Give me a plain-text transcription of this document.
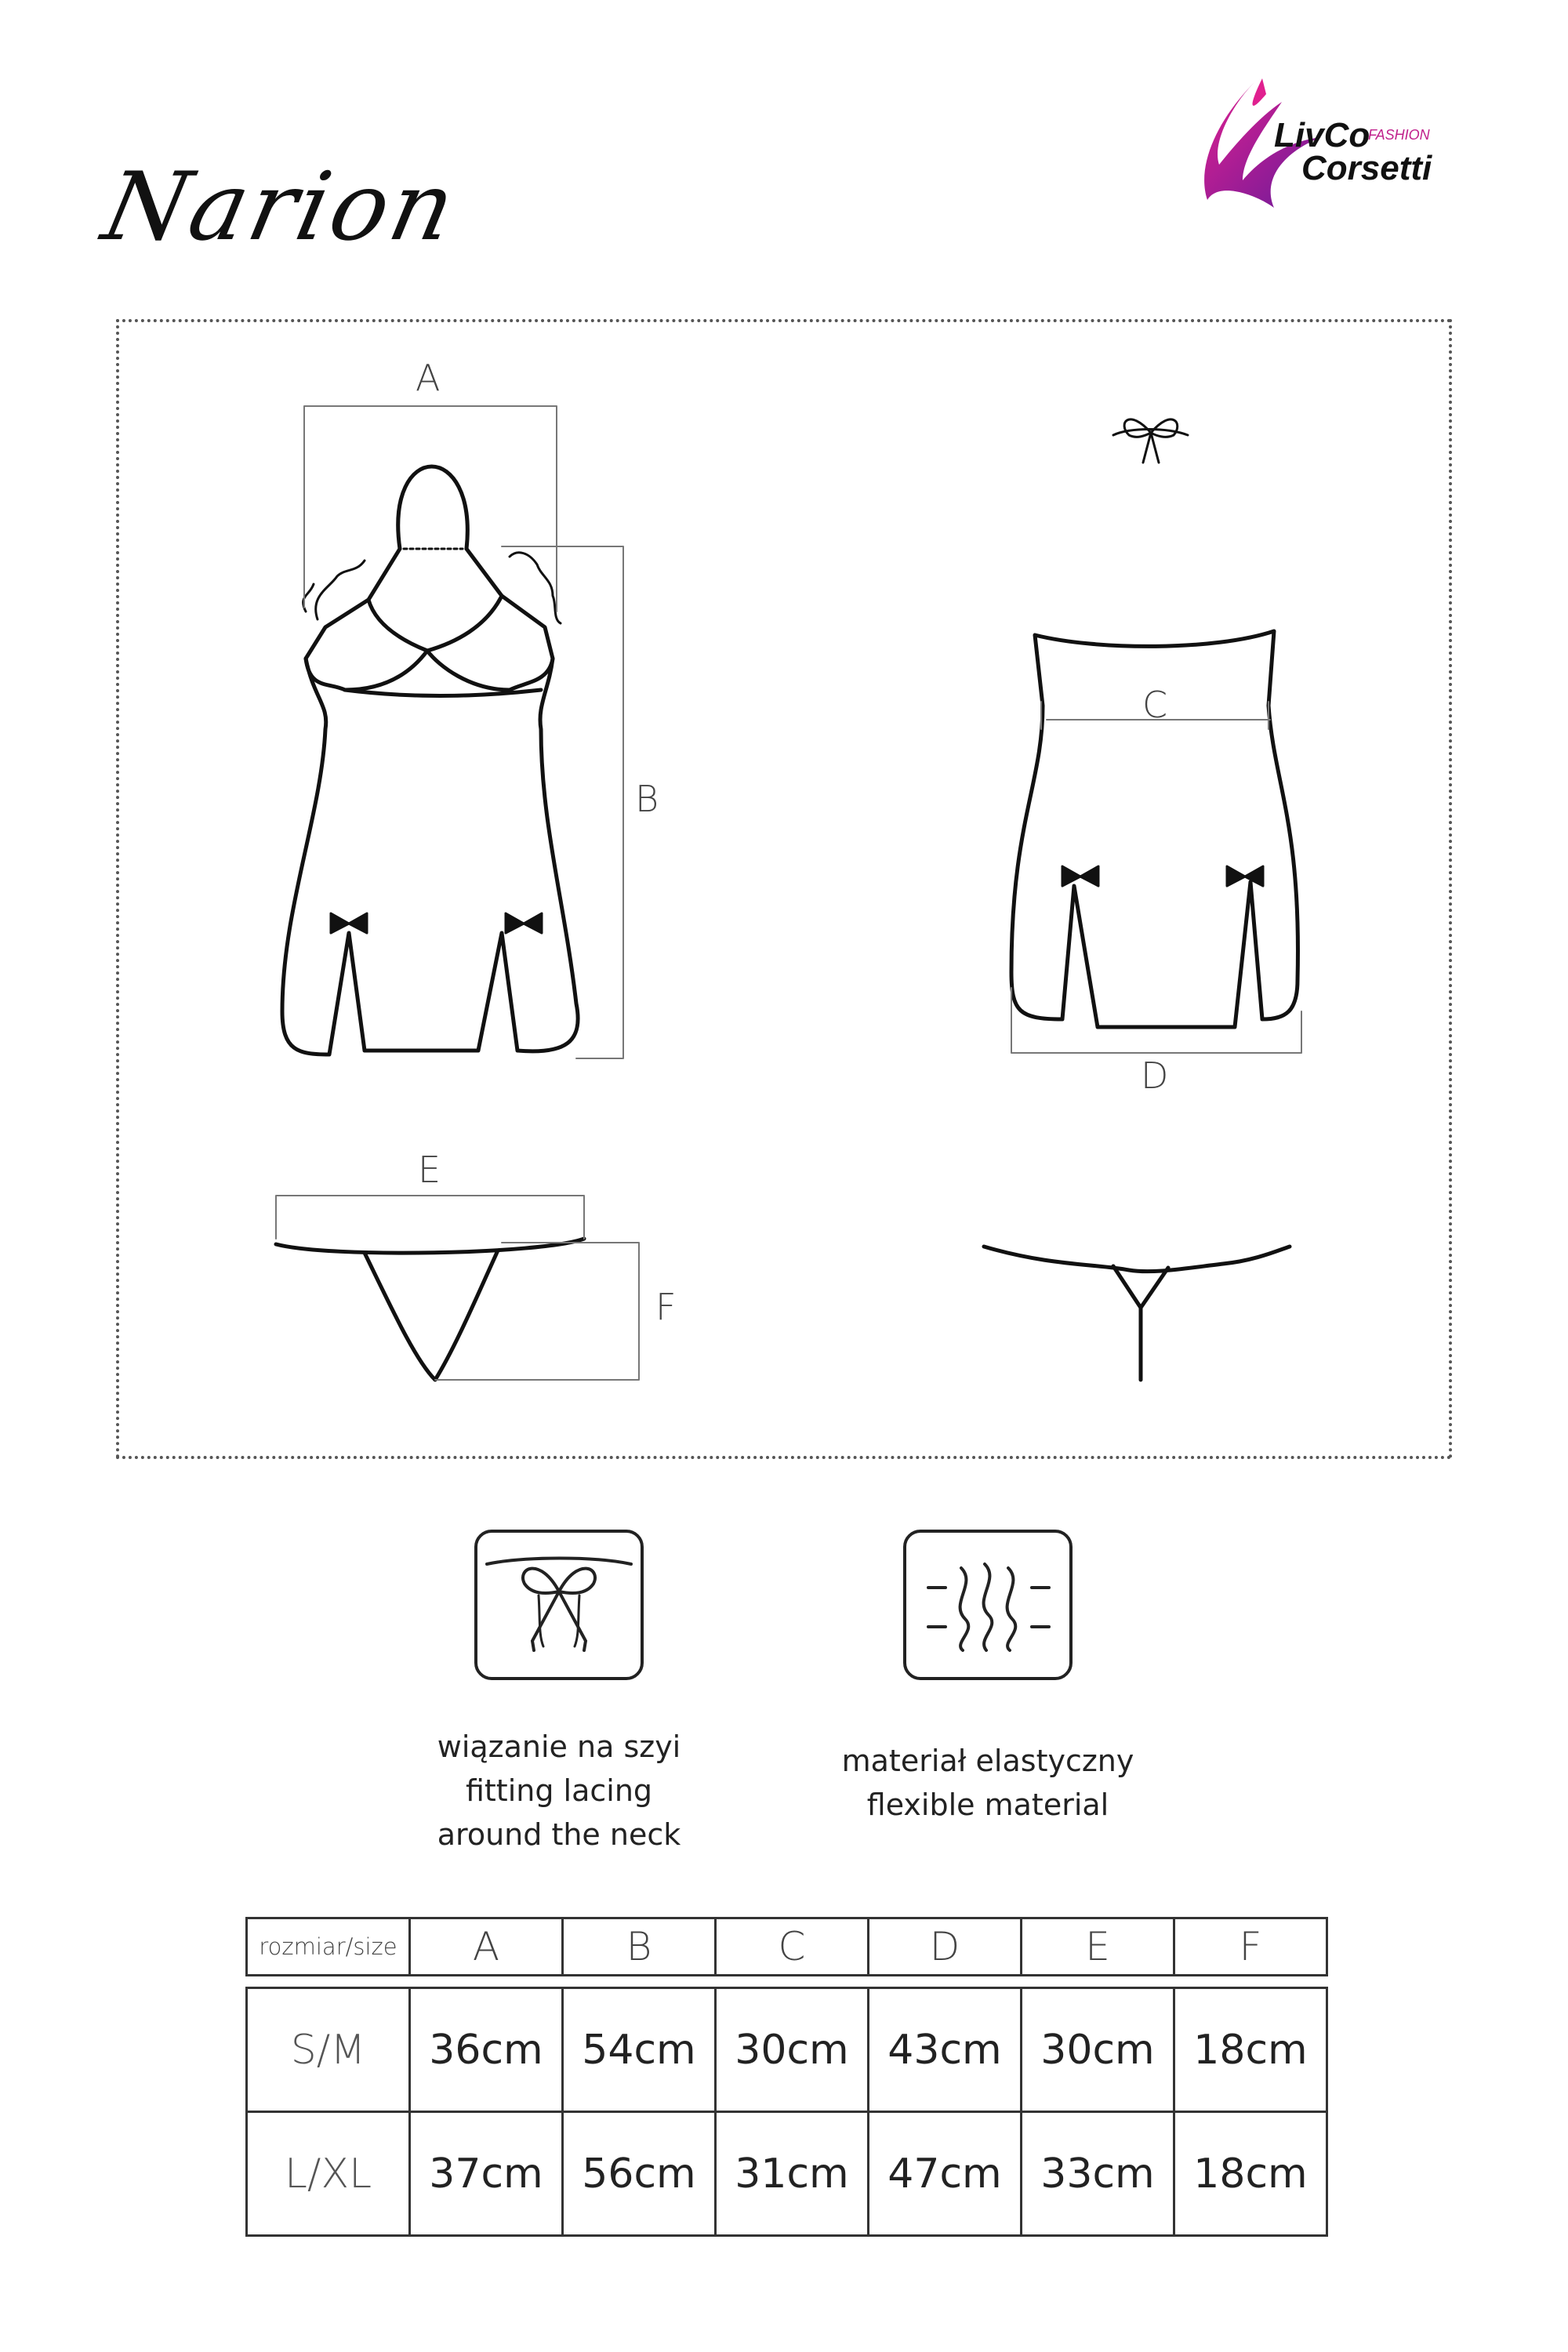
Narion
LivCo
FASHION
Corsetti
A
B
C
D
E
F
wiązanie na szyi
fitting lacing
around the neck
materiał elastyczny
flexible material
rozmiar/size	A	B	C	D	E	F
S/M	36cm	54cm	30cm	43cm	30cm	18cm
L/XL	37cm	56cm	31cm	47cm	33cm	18cm
